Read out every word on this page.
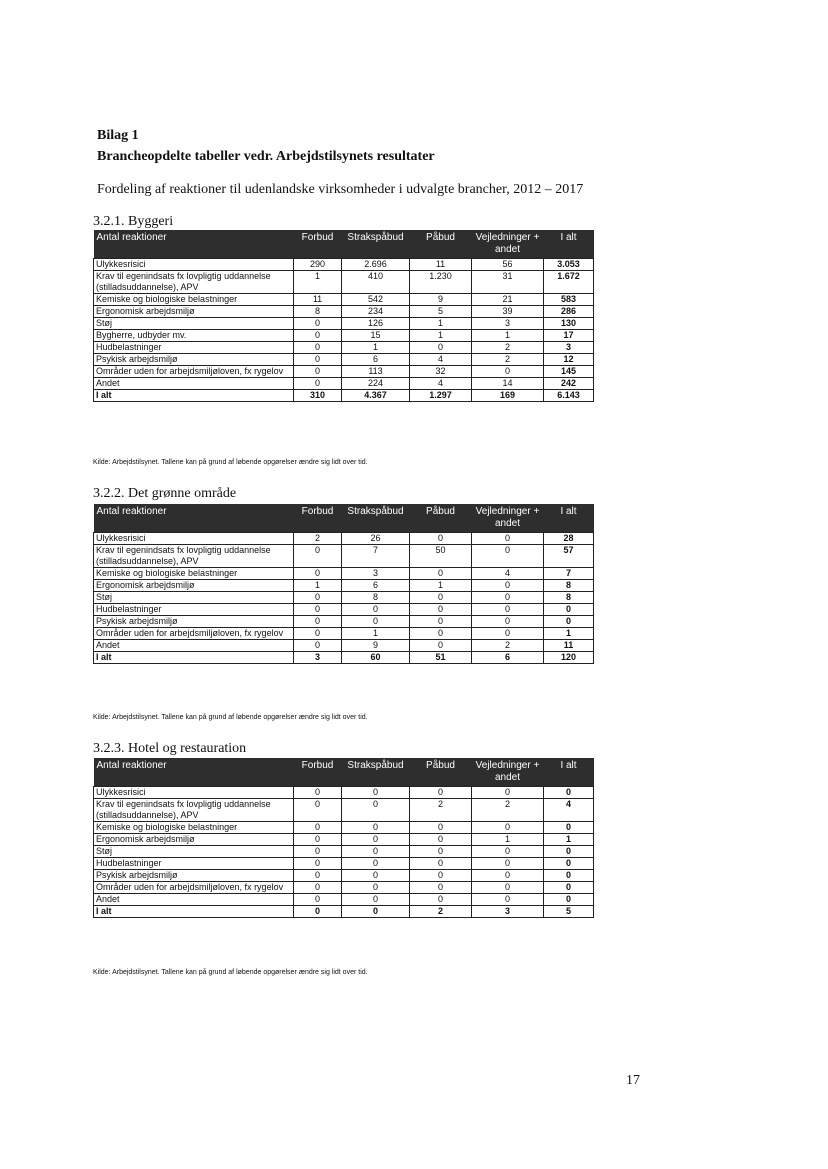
Bilag 1
Brancheopdelte tabeller vedr. Arbejdstilsynets resultater
Fordeling af reaktioner til udenlandske virksomheder i udvalgte brancher, 2012 – 2017
3.2.1. Byggeri
Antal reaktioner	Forbud	Strakspåbud	Påbud	Vejledninger + andet	I alt
Ulykkesrisici	290	2.696	11	56	3.053
Krav til egenindsats fx lovpligtig uddannelse (stilladsuddannelse), APV	1	410	1.230	31	1.672
Kemiske og biologiske belastninger	11	542	9	21	583
Ergonomisk arbejdsmiljø	8	234	5	39	286
Støj	0	126	1	3	130
Bygherre, udbyder mv.	0	15	1	1	17
Hudbelastninger	0	1	0	2	3
Psykisk arbejdsmiljø	0	6	4	2	12
Områder uden for arbejdsmiljøloven, fx rygelov	0	113	32	0	145
Andet	0	224	4	14	242
I alt	310	4.367	1.297	169	6.143
Kilde: Arbejdstilsynet. Tallene kan på grund af løbende opgørelser ændre sig lidt over tid.
3.2.2. Det grønne område
Antal reaktioner	Forbud	Strakspåbud	Påbud	Vejledninger + andet	I alt
Ulykkesrisici	2	26	0	0	28
Krav til egenindsats fx lovpligtig uddannelse (stilladsuddannelse), APV	0	7	50	0	57
Kemiske og biologiske belastninger	0	3	0	4	7
Ergonomisk arbejdsmiljø	1	6	1	0	8
Støj	0	8	0	0	8
Hudbelastninger	0	0	0	0	0
Psykisk arbejdsmiljø	0	0	0	0	0
Områder uden for arbejdsmiljøloven, fx rygelov	0	1	0	0	1
Andet	0	9	0	2	11
I alt	3	60	51	6	120
Kilde: Arbejdstilsynet. Tallene kan på grund af løbende opgørelser ændre sig lidt over tid.
3.2.3. Hotel og restauration
Antal reaktioner	Forbud	Strakspåbud	Påbud	Vejledninger + andet	I alt
Ulykkesrisici	0	0	0	0	0
Krav til egenindsats fx lovpligtig uddannelse (stilladsuddannelse), APV	0	0	2	2	4
Kemiske og biologiske belastninger	0	0	0	0	0
Ergonomisk arbejdsmiljø	0	0	0	1	1
Støj	0	0	0	0	0
Hudbelastninger	0	0	0	0	0
Psykisk arbejdsmiljø	0	0	0	0	0
Områder uden for arbejdsmiljøloven, fx rygelov	0	0	0	0	0
Andet	0	0	0	0	0
I alt	0	0	2	3	5
Kilde: Arbejdstilsynet. Tallene kan på grund af løbende opgørelser ændre sig lidt over tid.
17
